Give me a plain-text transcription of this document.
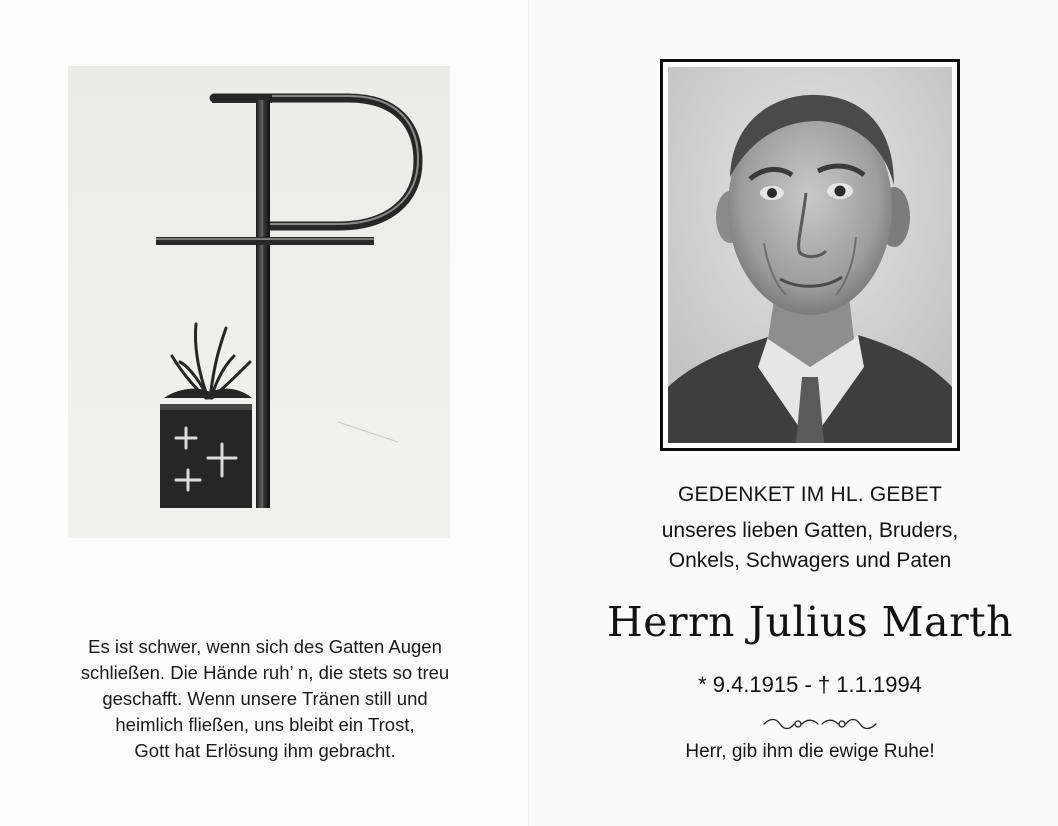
Es ist schwer, wenn sich des Gatten Augen
schließen. Die Hände ruh’ n, die stets so treu
geschafft. Wenn unsere Tränen still und
heimlich fließen, uns bleibt ein Trost,
Gott hat Erlösung ihm gebracht.
GEDENKET IM HL. GEBET
unseres lieben Gatten, Bruders,
Onkels, Schwagers und Paten
Herrn Julius Marth
* 9.4.1915 - † 1.1.1994
Herr, gib ihm die ewige Ruhe!
